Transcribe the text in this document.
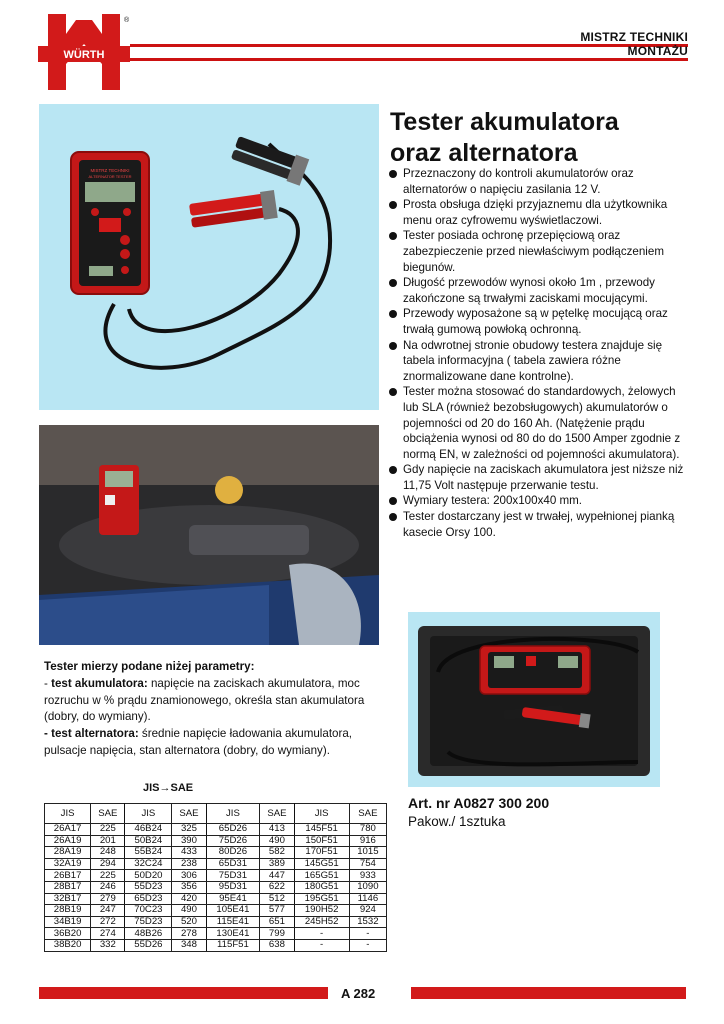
WÜRTH
®
MISTRZ TECHNIKI
MONTAŻU
MISTRZ TECHNIKI
ALTERNATOR TESTER
Tester akumulatora
oraz alternatora
Przeznaczony do kontroli akumulatorów oraz alternatorów o napięciu zasilania 12 V.
Prosta obsługa dzięki przyjaznemu dla użytkownika menu oraz cyfrowemu wyświetlaczowi.
Tester posiada ochronę przepięciową oraz zabezpieczenie przed niewłaściwym podłączeniem biegunów.
Długość przewodów wynosi około 1m , przewody zakończone są trwałymi zaciskami mocującymi.
Przewody wyposażone są w pętelkę mocującą oraz trwałą gumową powłoką ochronną.
Na odwrotnej stronie obudowy testera znajduje się tabela informacyjna ( tabela zawiera różne znormalizowane dane kontrolne).
Tester można stosować do standardowych, żelowych lub SLA (również bezobsługowych) akumulatorów o pojemności od 20 do 160 Ah. (Natężenie prądu obciążenia wynosi od 80 do do 1500 Amper zgodnie z normą EN, w zależności od pojemności akumulatora).
Gdy napięcie na zaciskach akumulatora jest niższe niż 11,75 Volt następuje przerwanie testu.
Wymiary testera: 200x100x40 mm.
Tester dostarczany jest w trwałej, wypełnionej pianką kasecie Orsy 100.
Tester mierzy podane niżej parametry:
- test akumulatora: napięcie na zaciskach akumulatora, moc rozruchu w % prądu znamionowego, określa stan akumulatora (dobry, do wymiany).
- test alternatora: średnie napięcie ładowania akumulatora, pulsacje napięcia, stan alternatora (dobry, do wymiany).
Art. nr A0827 300 200
Pakow./ 1sztuka
JIS→SAE
JIS	SAE	JIS	SAE	JIS	SAE	JIS	SAE
26A17	225	46B24	325	65D26	413	145F51	780
26A19	201	50B24	390	75D26	490	150F51	916
28A19	248	55B24	433	80D26	582	170F51	1015
32A19	294	32C24	238	65D31	389	145G51	754
26B17	225	50D20	306	75D31	447	165G51	933
28B17	246	55D23	356	95D31	622	180G51	1090
32B17	279	65D23	420	95E41	512	195G51	1146
28B19	247	70C23	490	105E41	577	190H52	924
34B19	272	75D23	520	115E41	651	245H52	1532
36B20	274	48B26	278	130E41	799	-	-
38B20	332	55D26	348	115F51	638	-	-
A 282
